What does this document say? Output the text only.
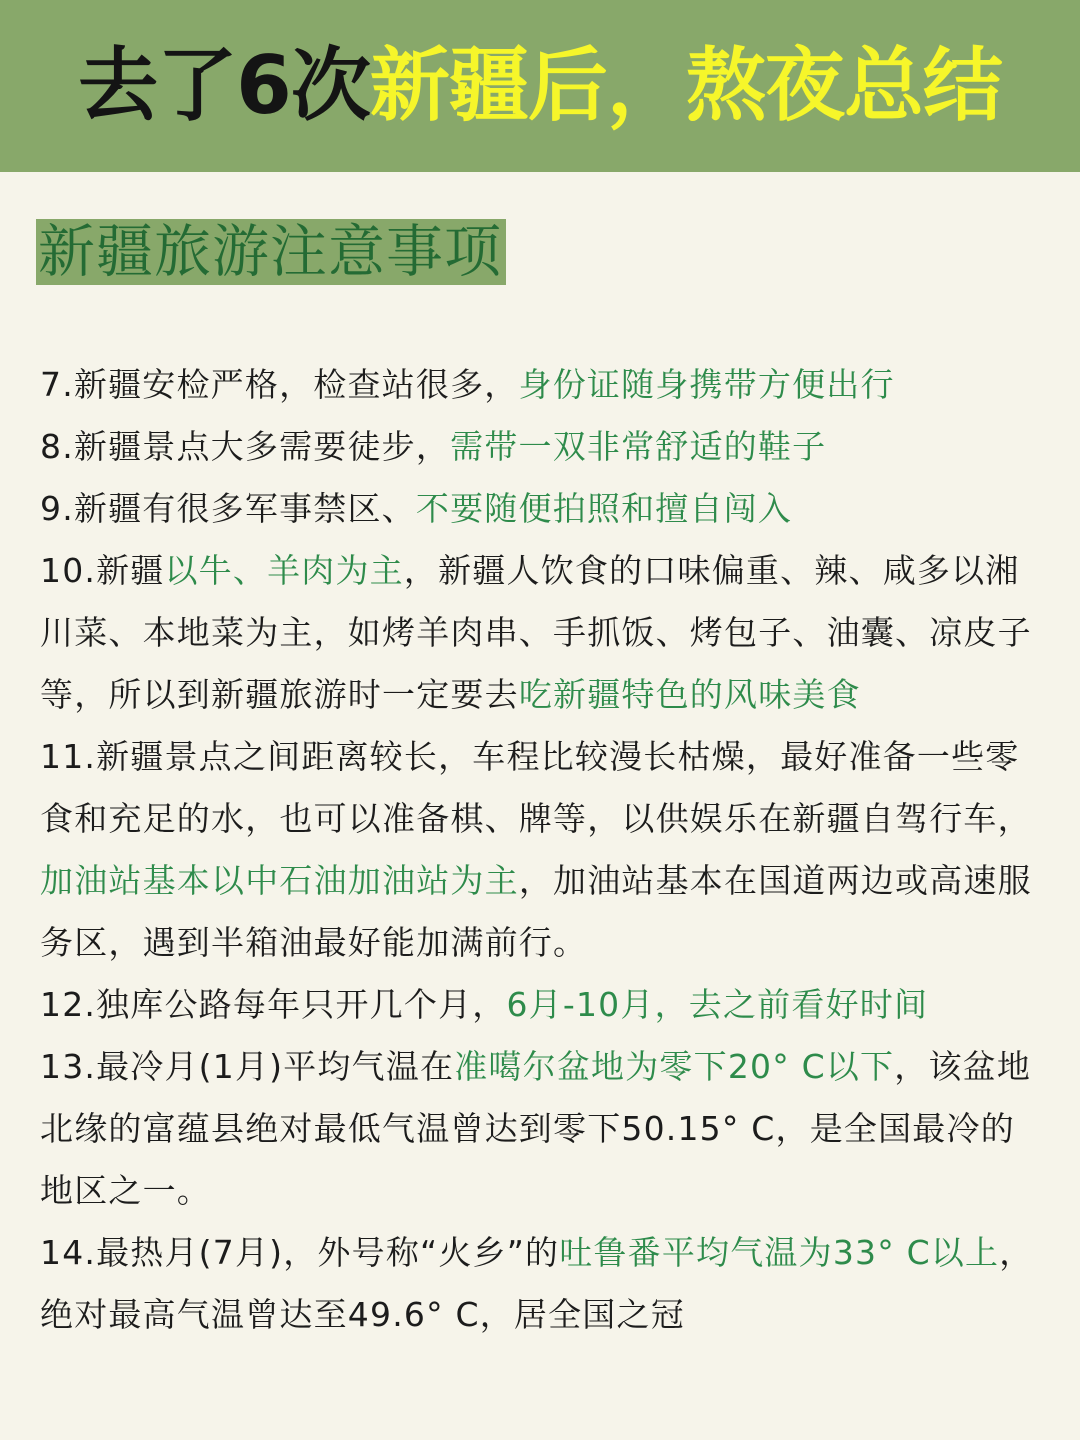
去了6次新疆后，熬夜总结
新疆旅游注意事项

7.新疆安检严格，检查站很多，身份证随身携带方便出行

8.新疆景点大多需要徒步，需带一双非常舒适的鞋子

9.新疆有很多军事禁区、不要随便拍照和擅自闯入

10.新疆以牛、羊肉为主，新疆人饮食的口味偏重、辣、咸多以湘川菜、本地菜为主，如烤羊肉串、手抓饭、烤包子、油囊、凉皮子等，所以到新疆旅游时一定要去吃新疆特色的风味美食

11.新疆景点之间距离较长，车程比较漫长枯燥，最好准备一些零食和充足的水，也可以准备棋、牌等，以供娱乐在新疆自驾行车，加油站基本以中石油加油站为主，加油站基本在国道两边或高速服务区，遇到半箱油最好能加满前行。

12.独库公路每年只开几个月，6月-10月，去之前看好时间

13.最冷月(1月)平均气温在准噶尔盆地为零下20° C以下，该盆地北缘的富蕴县绝对最低气温曾达到零下50.15° C，是全国最冷的地区之一。

14.最热月(7月)，外号称“火乡”的吐鲁番平均气温为33° C以上，绝对最高气温曾达至49.6° C，居全国之冠
